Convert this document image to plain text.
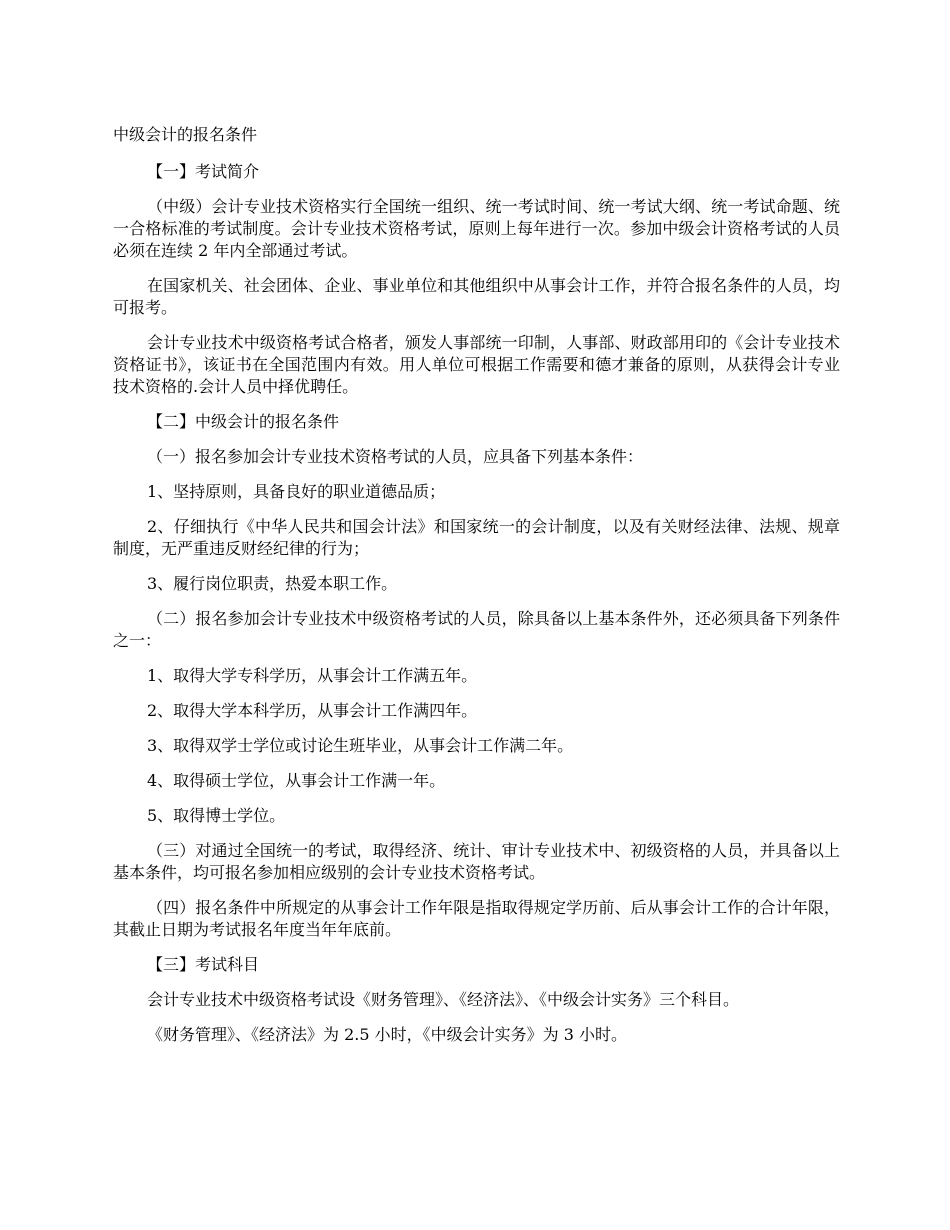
中级会计的报名条件
【一】考试简介
（中级）会计专业技术资格实行全国统一组织、统一考试时间、统一考试大纲、统一考试命题、统一合格标准的考试制度。会计专业技术资格考试，原则上每年进行一次。参加中级会计资格考试的人员必须在连续 2 年内全部通过考试。
在国家机关、社会团体、企业、事业单位和其他组织中从事会计工作，并符合报名条件的人员，均可报考。
会计专业技术中级资格考试合格者，颁发人事部统一印制，人事部、财政部用印的《会计专业技术资格证书》，该证书在全国范围内有效。用人单位可根据工作需要和德才兼备的原则，从获得会计专业技术资格的.会计人员中择优聘任。
【二】中级会计的报名条件
（一）报名参加会计专业技术资格考试的人员，应具备下列基本条件：
1、坚持原则，具备良好的职业道德品质；
2、仔细执行《中华人民共和国会计法》和国家统一的会计制度，以及有关财经法律、法规、规章制度，无严重违反财经纪律的行为；
3、履行岗位职责，热爱本职工作。
（二）报名参加会计专业技术中级资格考试的人员，除具备以上基本条件外，还必须具备下列条件之一：
1、取得大学专科学历，从事会计工作满五年。
2、取得大学本科学历，从事会计工作满四年。
3、取得双学士学位或讨论生班毕业，从事会计工作满二年。
4、取得硕士学位，从事会计工作满一年。
5、取得博士学位。
（三）对通过全国统一的考试，取得经济、统计、审计专业技术中、初级资格的人员，并具备以上基本条件，均可报名参加相应级别的会计专业技术资格考试。
（四）报名条件中所规定的从事会计工作年限是指取得规定学历前、后从事会计工作的合计年限，其截止日期为考试报名年度当年年底前。
【三】考试科目
会计专业技术中级资格考试设《财务管理》、《经济法》、《中级会计实务》三个科目。
《财务管理》、《经济法》为 2.5 小时，《中级会计实务》为 3 小时。
